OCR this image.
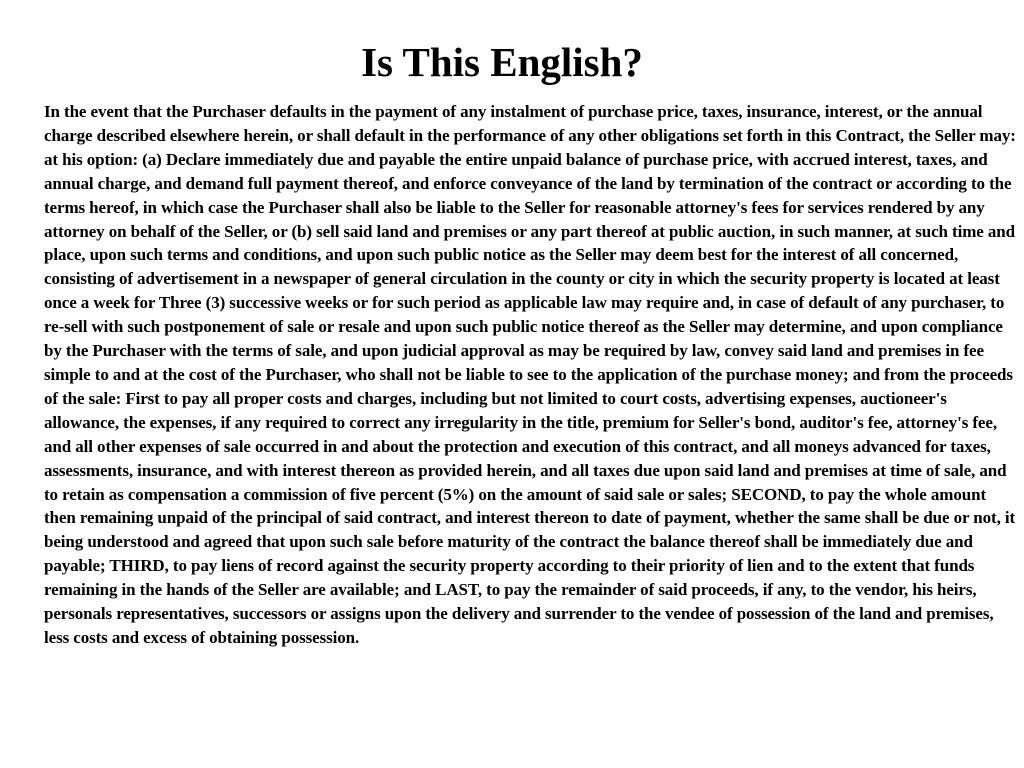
Is This English?

In the event that the Purchaser defaults in the payment of any instalment of purchase price, taxes, insurance, interest, or the annual charge described elsewhere herein, or shall default in the performance of any other obligations set forth in this Contract, the Seller may: at his option: (a) Declare immediately due and payable the entire unpaid balance of purchase price, with accrued interest, taxes, and annual charge, and demand full payment thereof, and enforce conveyance of the land by termination of the contract or according to the terms hereof, in which case the Purchaser shall also be liable to the Seller for reasonable attorney's fees for services rendered by any attorney on behalf of the Seller, or (b) sell said land and premises or any part thereof at public auction, in such manner, at such time and place, upon such terms and conditions, and upon such public notice as the Seller may deem best for the interest of all concerned, consisting of advertisement in a newspaper of general circulation in the county or city in which the security property is located at least once a week for Three (3) successive weeks or for such period as applicable law may require and, in case of default of any purchaser, to re-sell with such postponement of sale or resale and upon such public notice thereof as the Seller may determine, and upon compliance by the Purchaser with the terms of sale, and upon judicial approval as may be required by law, convey said land and premises in fee simple to and at the cost of the Purchaser, who shall not be liable to see to the application of the purchase money; and from the proceeds of the sale: First to pay all proper costs and charges, including but not limited to court costs, advertising expenses, auctioneer's allowance, the expenses, if any required to correct any irregularity in the title, premium for Seller's bond, auditor's fee, attorney's fee, and all other expenses of sale occurred in and about the protection and execution of this contract, and all moneys advanced for taxes, assessments, insurance, and with interest thereon as provided herein, and all taxes due upon said land and premises at time of sale, and to retain as compensation a commission of five percent (5%) on the amount of said sale or sales; SECOND, to pay the whole amount then remaining unpaid of the principal of said contract, and interest thereon to date of payment, whether the same shall be due or not, it being understood and agreed that upon such sale before maturity of the contract the balance thereof shall be immediately due and payable; THIRD, to pay liens of record against the security property according to their priority of lien and to the extent that funds remaining in the hands of the Seller are available; and LAST, to pay the remainder of said proceeds, if any, to the vendor, his heirs, personals representatives, successors or assigns upon the delivery and surrender to the vendee of possession of the land and premises, less costs and excess of obtaining possession.
